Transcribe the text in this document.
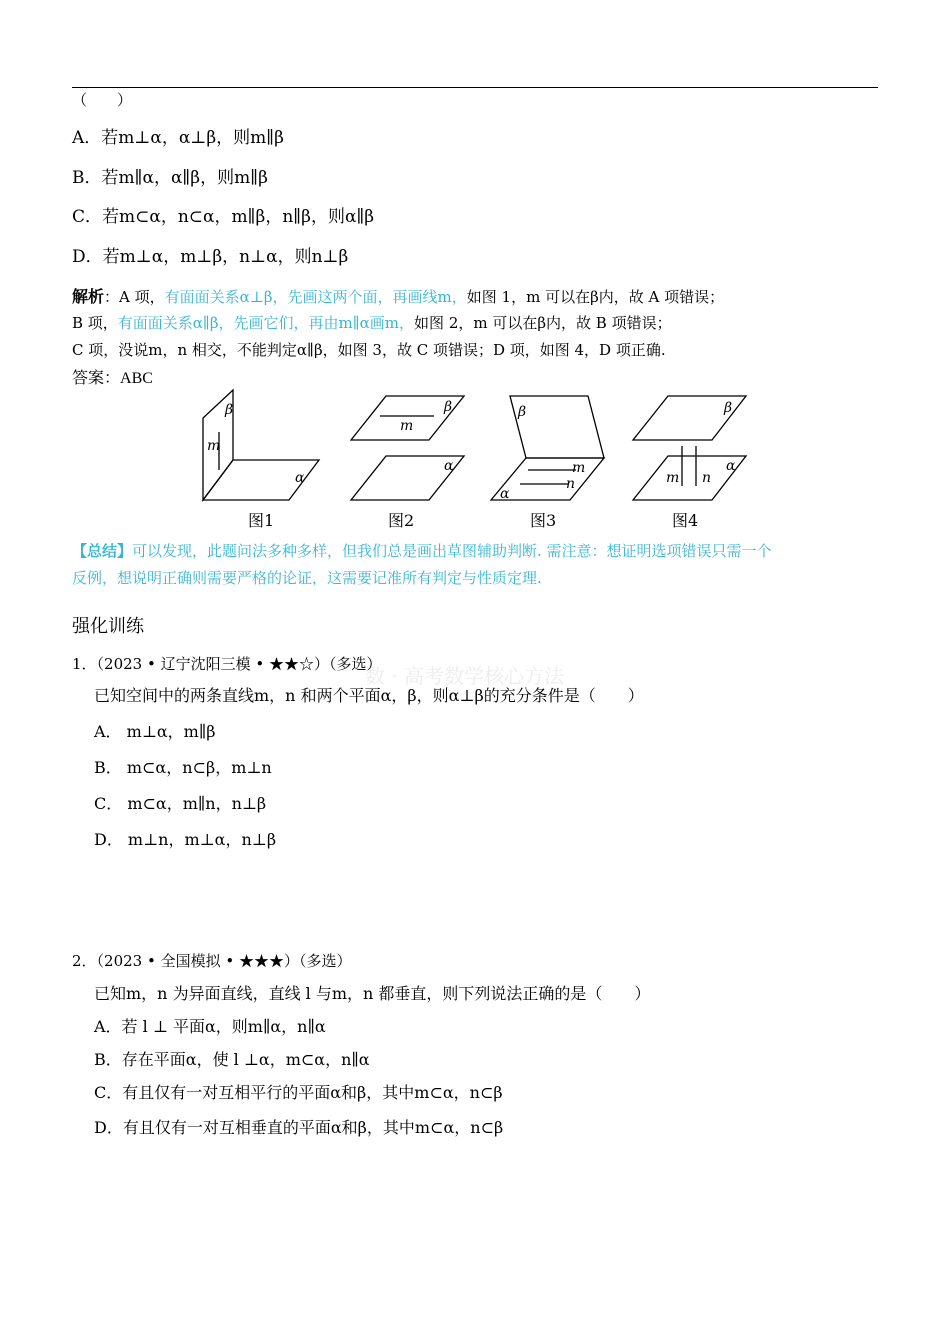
（　　）
A．若m⊥α，α⊥β，则m∥β
B．若m∥α，α∥β，则m∥β
C．若m⊂α，n⊂α，m∥β，n∥β，则α∥β
D．若m⊥α，m⊥β，n⊥α，则n⊥β
解析：A 项，有面面关系α⊥β，先画这两个面，再画线m，如图 1，m 可以在β内，故 A 项错误；
B 项，有面面关系α∥β，先画它们，再由m∥α画m，如图 2，m 可以在β内，故 B 项错误；
C 项，没说m，n 相交，不能判定α∥β，如图 3，故 C 项错误；D 项，如图 4，D 项正确.
答案：ABC
β
m
α
m
β
α
β
m
n
α
β
m n
α
图1	图2	图3	图4
【总结】可以发现，此题问法多种多样，但我们总是画出草图辅助判断. 需注意：想证明选项错误只需一个
反例，想说明正确则需要严格的论证，这需要记准所有判定与性质定理.
强化训练
数 · 高考数学核心方法
1．（2023 • 辽宁沈阳三模 • ★★☆）（多选）
已知空间中的两条直线m，n 和两个平面α，β，则α⊥β的充分条件是（　　）
A． m⊥α，m∥β
B． m⊂α，n⊂β，m⊥n
C． m⊂α，m∥n，n⊥β
D． m⊥n，m⊥α，n⊥β
2．（2023 • 全国模拟 • ★★★）（多选）
已知m，n 为异面直线，直线 l 与m，n 都垂直，则下列说法正确的是（　　）
A．若 l ⊥ 平面α，则m∥α，n∥α
B．存在平面α，使 l ⊥α，m⊂α，n∥α
C．有且仅有一对互相平行的平面α和β，其中m⊂α，n⊂β
D．有且仅有一对互相垂直的平面α和β，其中m⊂α，n⊂β
